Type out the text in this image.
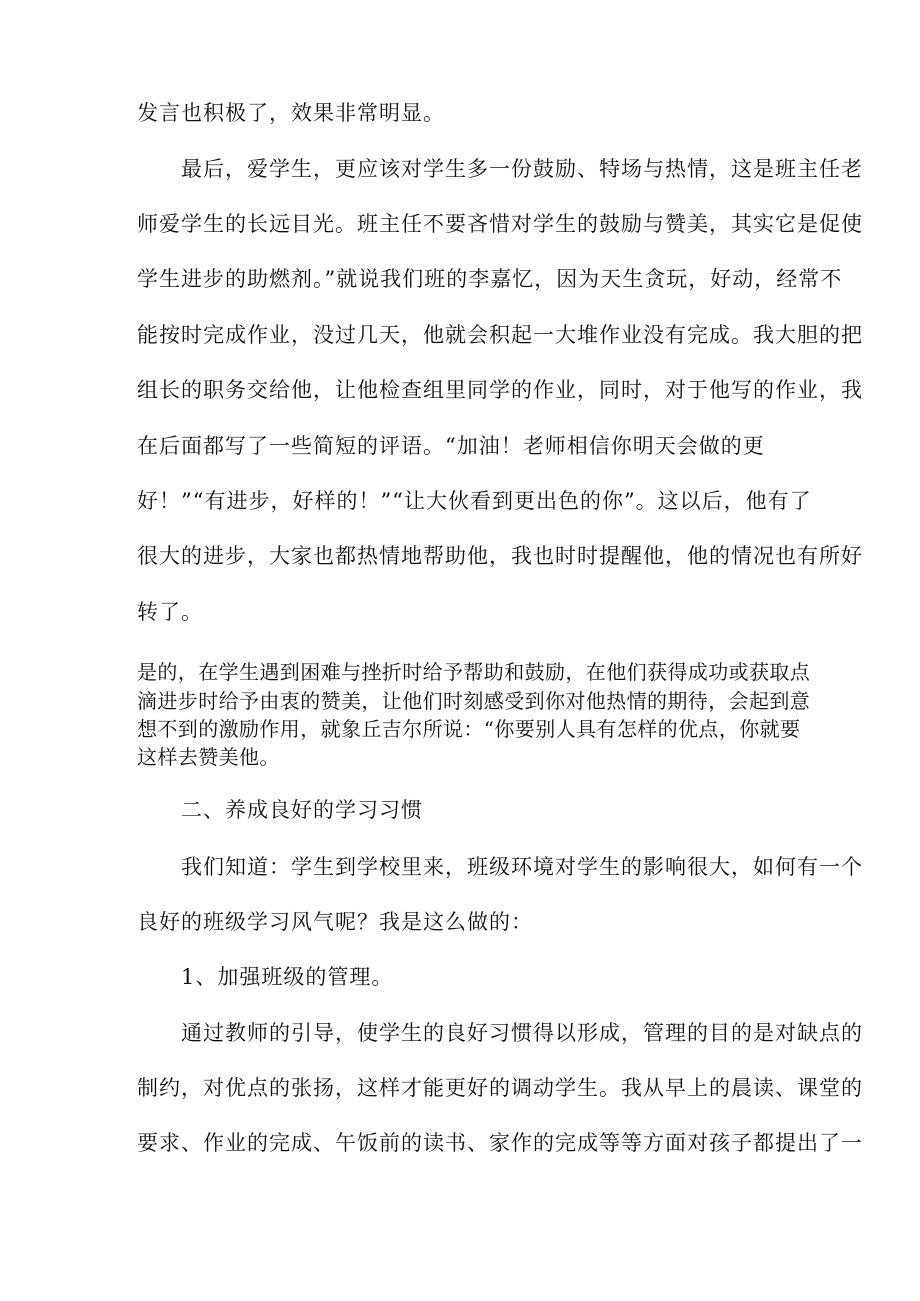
发言也积极了，效果非常明显。
最后，爱学生，更应该对学生多一份鼓励、特场与热情，这是班主任老
师爱学生的长远目光。班主任不要吝惜对学生的鼓励与赞美，其实它是促使
学生进步的助燃剂。”就说我们班的李嘉忆，因为天生贪玩，好动，经常不
能按时完成作业，没过几天，他就会积起一大堆作业没有完成。我大胆的把
组长的职务交给他，让他检查组里同学的作业，同时，对于他写的作业，我
在后面都写了一些简短的评语。“加油！老师相信你明天会做的更
好！”“有进步，好样的！”“让大伙看到更出色的你”。这以后，他有了
很大的进步，大家也都热情地帮助他，我也时时提醒他，他的情况也有所好
转了。
是的，在学生遇到困难与挫折时给予帮助和鼓励，在他们获得成功或获取点
滴进步时给予由衷的赞美，让他们时刻感受到你对他热情的期待，会起到意
想不到的激励作用，就象丘吉尔所说：“你要别人具有怎样的优点，你就要
这样去赞美他。
二、养成良好的学习习惯
我们知道：学生到学校里来，班级环境对学生的影响很大，如何有一个
良好的班级学习风气呢？我是这么做的：
1、加强班级的管理。
通过教师的引导，使学生的良好习惯得以形成，管理的目的是对缺点的
制约，对优点的张扬，这样才能更好的调动学生。我从早上的晨读、课堂的
要求、作业的完成、午饭前的读书、家作的完成等等方面对孩子都提出了一
